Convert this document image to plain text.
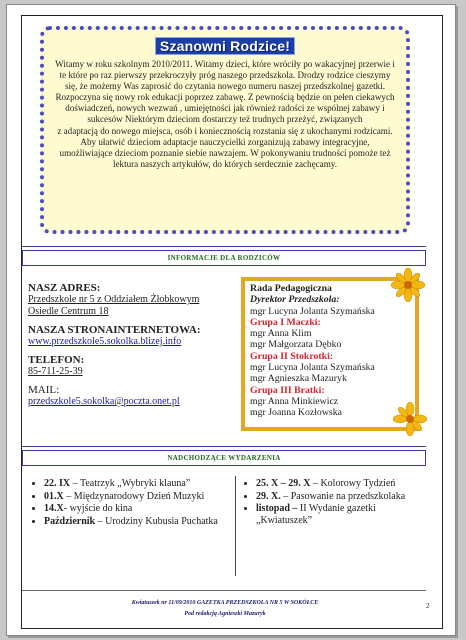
Szanowni Rodzice!

Witamy w roku szkolnym 2010/2011. Witamy dzieci, które wróciły po wakacyjnej przerwie i te które po raz pierwszy przekroczyły próg naszego przedszkola. Drodzy rodzice cieszymy się, że możemy Was zaprosić do czytania nowego numeru naszej przedszkolnej gazetki. Rozpoczyna się nowy rok edukacji poprzez zabawę. Z pewnością będzie on pełen ciekawych doświadczeń, nowych wezwań , umiejętności jak również radości ze wspólnej zabawy i sukcesów Niektórym dzieciom dostarczy też trudnych przeżyć, związanych

z adaptacją do nowego miejsca, osób i koniecznością rozstania się z ukochanymi rodzicami. Aby ułatwić dzieciom adaptacje nauczycielki zorganizują zabawy integracyjne, umożliwiające dzieciom poznanie siebie nawzajem. W pokonywaniu trudności pomoże też lektura naszych artykułów, do których serdecznie zachęcamy.

INFORMACJE DLA RODZICÓW
NASZ ADRES:
Przedszkole nr 5 z Oddziałem Żłobkowym
Osiedle Centrum 18
NASZA STRONAINTERNETOWA:
www.przedszkole5.sokolka.blizej.info
TELEFON:
85-711-25-39
MAIL:
przedszkole5.sokolka@poczta.onet.pl
Rada Pedagogiczna
Dyrektor Przedszkola:
mgr Lucyna Jolanta Szymańska
Grupa I Maczki:
mgr Anna Klim
mgr Małgorzata Dębko
Grupa II Stokrotki:
mgr Lucyna Jolanta Szymańska
mgr Agnieszka Mazuryk
Grupa III Bratki:
mgr Anna Minkiewicz
mgr Joanna Kozłowska
NADCHODZĄCE WYDARZENIA
• 22. IX – Teatrzyk „Wybryki klauna”
• 01.X – Międzynarodowy Dzień Muzyki
• 14.X- wyjście do kina
• Październik – Urodziny Kubusia Puchatka
• 25. X – 29. X – Kolorowy Tydzień
• 29. X. – Pasowanie na przedszkolaka
• listopad – II Wydanie gazetki „Kwiatuszek”
Kwiatuszek nr 11/09/2010 GAZETKA PRZEDSZKOLA NR 5 W SOKÓŁCE
Pod redakcją Agnieszki Mazuryk
2
